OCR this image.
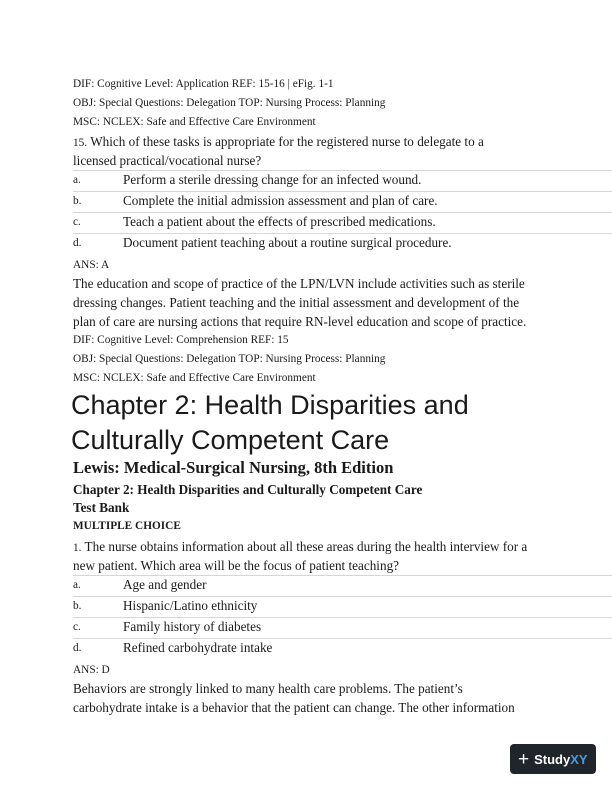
DIF: Cognitive Level: Application REF: 15-16 | eFig. 1-1
OBJ: Special Questions: Delegation TOP: Nursing Process: Planning
MSC: NCLEX: Safe and Effective Care Environment
15. Which of these tasks is appropriate for the registered nurse to delegate to a
licensed practical/vocational nurse?
a.	Perform a sterile dressing change for an infected wound.
b.	Complete the initial admission assessment and plan of care.
c.	Teach a patient about the effects of prescribed medications.
d.	Document patient teaching about a routine surgical procedure.
ANS: A
The education and scope of practice of the LPN/LVN include activities such as sterile
dressing changes. Patient teaching and the initial assessment and development of the
plan of care are nursing actions that require RN-level education and scope of practice.
DIF: Cognitive Level: Comprehension REF: 15
OBJ: Special Questions: Delegation TOP: Nursing Process: Planning
MSC: NCLEX: Safe and Effective Care Environment
Chapter 2: Health Disparities and
Culturally Competent Care
Lewis: Medical-Surgical Nursing, 8th Edition
Chapter 2: Health Disparities and Culturally Competent Care
Test Bank
MULTIPLE CHOICE
1. The nurse obtains information about all these areas during the health interview for a
new patient. Which area will be the focus of patient teaching?
a.	Age and gender
b.	Hispanic/Latino ethnicity
c.	Family history of diabetes
d.	Refined carbohydrate intake
ANS: D
Behaviors are strongly linked to many health care problems. The patient’s
carbohydrate intake is a behavior that the patient can change. The other information
+ StudyXY
